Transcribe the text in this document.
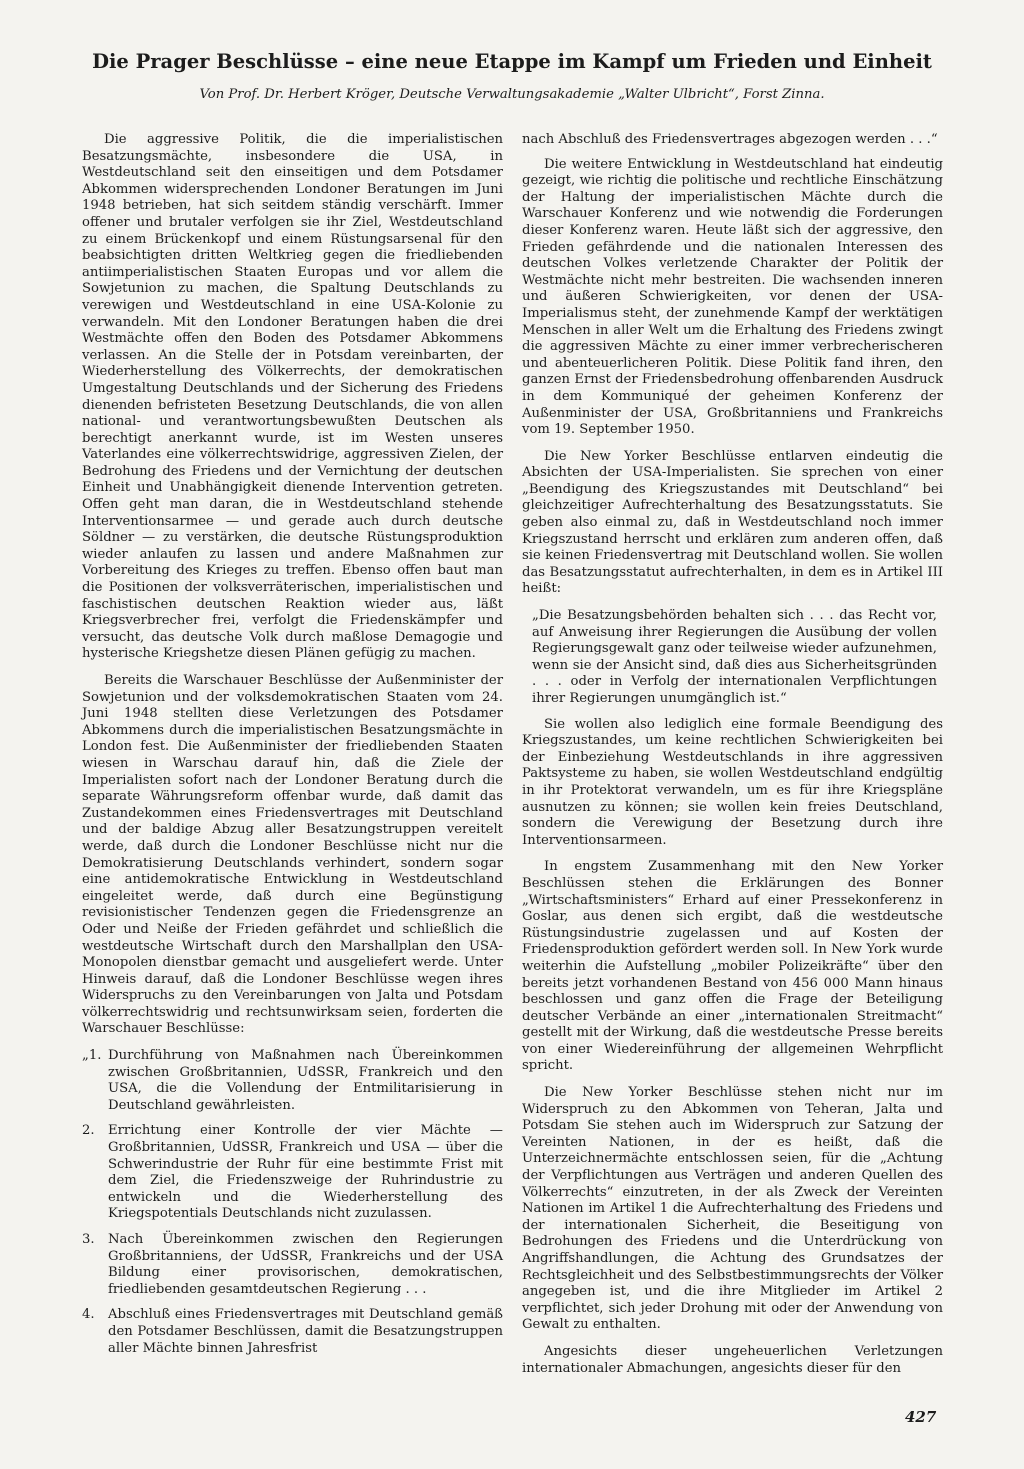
Die Prager Beschlüsse – eine neue Etappe im Kampf um Frieden und Einheit
Von Prof. Dr. Herbert Kröger, Deutsche Verwaltungsakademie „Walter Ulbricht“, Forst Zinna.

Die aggressive Politik, die die imperialistischen Besatzungsmächte, insbesondere die USA, in Westdeutschland seit den einseitigen und dem Potsdamer Abkommen widersprechenden Londoner Beratungen im Juni 1948 betrieben, hat sich seitdem ständig verschärft. Immer offener und brutaler verfolgen sie ihr Ziel, Westdeutschland zu einem Brückenkopf und einem Rüstungsarsenal für den beabsichtigten dritten Weltkrieg gegen die friedliebenden antiimperialistischen Staaten Europas und vor allem die Sowjetunion zu machen, die Spaltung Deutschlands zu verewigen und Westdeutschland in eine USA-Kolonie zu verwandeln. Mit den Londoner Beratungen haben die drei Westmächte offen den Boden des Potsdamer Abkommens verlassen. An die Stelle der in Potsdam vereinbarten, der Wiederherstellung des Völkerrechts, der demokratischen Umgestaltung Deutschlands und der Sicherung des Friedens dienenden befristeten Besetzung Deutschlands, die von allen national- und verantwortungsbewußten Deutschen als berechtigt anerkannt wurde, ist im Westen unseres Vaterlandes eine völkerrechtswidrige, aggressiven Zielen, der Bedrohung des Friedens und der Vernichtung der deutschen Einheit und Unabhängigkeit dienende Intervention getreten. Offen geht man daran, die in Westdeutschland stehende Interventionsarmee — und gerade auch durch deutsche Söldner — zu verstärken, die deutsche Rüstungsproduktion wieder anlaufen zu lassen und andere Maßnahmen zur Vorbereitung des Krieges zu treffen. Ebenso offen baut man die Positionen der volksverräterischen, imperialistischen und faschistischen deutschen Reaktion wieder aus, läßt Kriegsverbrecher frei, verfolgt die Friedenskämpfer und versucht, das deutsche Volk durch maßlose Demagogie und hysterische Kriegshetze diesen Plänen gefügig zu machen.

Bereits die Warschauer Beschlüsse der Außenminister der Sowjetunion und der volksdemokratischen Staaten vom 24. Juni 1948 stellten diese Verletzungen des Potsdamer Abkommens durch die imperialistischen Besatzungsmächte in London fest. Die Außenminister der friedliebenden Staaten wiesen in Warschau darauf hin, daß die Ziele der Imperialisten sofort nach der Londoner Beratung durch die separate Währungsreform offenbar wurde, daß damit das Zustandekommen eines Friedensvertrages mit Deutschland und der baldige Abzug aller Besatzungstruppen vereitelt werde, daß durch die Londoner Beschlüsse nicht nur die Demokratisierung Deutschlands verhindert, sondern sogar eine antidemokratische Entwicklung in Westdeutschland eingeleitet werde, daß durch eine Begünstigung revisionistischer Tendenzen gegen die Friedensgrenze an Oder und Neiße der Frieden gefährdet und schließlich die westdeutsche Wirtschaft durch den Marshallplan den USA-Monopolen dienstbar gemacht und ausgeliefert werde. Unter Hinweis darauf, daß die Londoner Beschlüsse wegen ihres Widerspruchs zu den Vereinbarungen von Jalta und Potsdam völkerrechtswidrig und rechtsunwirksam seien, forderten die Warschauer Beschlüsse:

„1. Durchführung von Maßnahmen nach Übereinkommen zwischen Großbritannien, UdSSR, Frankreich und den USA, die die Vollendung der Entmilitarisierung in Deutschland gewährleisten.
2.	Errichtung einer Kontrolle der vier Mächte — Großbritannien, UdSSR, Frankreich und USA — über die Schwerindustrie der Ruhr für eine bestimmte Frist mit dem Ziel, die Friedenszweige der Ruhrindustrie zu entwickeln und die Wiederherstellung des Kriegspotentials Deutschlands nicht zuzulassen.
3.	Nach Übereinkommen zwischen den Regierungen Großbritanniens, der UdSSR, Frankreichs und der USA Bildung einer provisorischen, demokratischen, friedliebenden gesamtdeutschen Regierung . . .
4.	Abschluß eines Friedensvertrages mit Deutschland gemäß den Potsdamer Beschlüssen, damit die Besatzungstruppen aller Mächte binnen Jahresfrist

nach Abschluß des Friedensvertrages abgezogen werden . . .“

Die weitere Entwicklung in Westdeutschland hat eindeutig gezeigt, wie richtig die politische und rechtliche Einschätzung der Haltung der imperialistischen Mächte durch die Warschauer Konferenz und wie notwendig die Forderungen dieser Konferenz waren. Heute läßt sich der aggressive, den Frieden gefährdende und die nationalen Interessen des deutschen Volkes verletzende Charakter der Politik der Westmächte nicht mehr bestreiten. Die wachsenden inneren und äußeren Schwierigkeiten, vor denen der USA-Imperialismus steht, der zunehmende Kampf der werktätigen Menschen in aller Welt um die Erhaltung des Friedens zwingt die aggressiven Mächte zu einer immer verbrecherischeren und abenteuerlicheren Politik. Diese Politik fand ihren, den ganzen Ernst der Friedensbedrohung offenbarenden Ausdruck in dem Kommuniqué der geheimen Konferenz der Außenminister der USA, Großbritanniens und Frankreichs vom 19. September 1950.

Die New Yorker Beschlüsse entlarven eindeutig die Absichten der USA-Imperialisten. Sie sprechen von einer „Beendigung des Kriegszustandes mit Deutschland“ bei gleichzeitiger Aufrechterhaltung des Besatzungsstatuts. Sie geben also einmal zu, daß in Westdeutschland noch immer Kriegszustand herrscht und erklären zum anderen offen, daß sie keinen Friedensvertrag mit Deutschland wollen. Sie wollen das Besatzungsstatut aufrechterhalten, in dem es in Artikel III heißt:

„Die Besatzungsbehörden behalten sich . . . das Recht vor, auf Anweisung ihrer Regierungen die Ausübung der vollen Regierungsgewalt ganz oder teilweise wieder aufzunehmen, wenn sie der Ansicht sind, daß dies aus Sicherheitsgründen . . . oder in Verfolg der internationalen Verpflichtungen ihrer Regierungen unumgänglich ist.“

Sie wollen also lediglich eine formale Beendigung des Kriegszustandes, um keine rechtlichen Schwierigkeiten bei der Einbeziehung Westdeutschlands in ihre aggressiven Paktsysteme zu haben, sie wollen Westdeutschland endgültig in ihr Protektorat verwandeln, um es für ihre Kriegspläne ausnutzen zu können; sie wollen kein freies Deutschland, sondern die Verewigung der Besetzung durch ihre Interventionsarmeen.

In engstem Zusammenhang mit den New Yorker Beschlüssen stehen die Erklärungen des Bonner „Wirtschaftsministers“ Erhard auf einer Pressekonferenz in Goslar, aus denen sich ergibt, daß die westdeutsche Rüstungsindustrie zugelassen und auf Kosten der Friedensproduktion gefördert werden soll. In New York wurde weiterhin die Aufstellung „mobiler Polizeikräfte“ über den bereits jetzt vorhandenen Bestand von 456 000 Mann hinaus beschlossen und ganz offen die Frage der Beteiligung deutscher Verbände an einer „internationalen Streitmacht“ gestellt mit der Wirkung, daß die westdeutsche Presse bereits von einer Wiedereinführung der allgemeinen Wehrpflicht spricht.

Die New Yorker Beschlüsse stehen nicht nur im Widerspruch zu den Abkommen von Teheran, Jalta und Potsdam Sie stehen auch im Widerspruch zur Satzung der Vereinten Nationen, in der es heißt, daß die Unterzeichnermächte entschlossen seien, für die „Achtung der Verpflichtungen aus Verträgen und anderen Quellen des Völkerrechts“ einzutreten, in der als Zweck der Vereinten Nationen im Artikel 1 die Aufrechterhaltung des Friedens und der internationalen Sicherheit, die Beseitigung von Bedrohungen des Friedens und die Unterdrückung von Angriffshandlungen, die Achtung des Grundsatzes der Rechtsgleichheit und des Selbstbestimmungsrechts der Völker angegeben ist, und die ihre Mitglieder im Artikel 2 verpflichtet, sich jeder Drohung mit oder der Anwendung von Gewalt zu enthalten.

Angesichts dieser ungeheuerlichen Verletzungen internationaler Abmachungen, angesichts dieser für den

427
